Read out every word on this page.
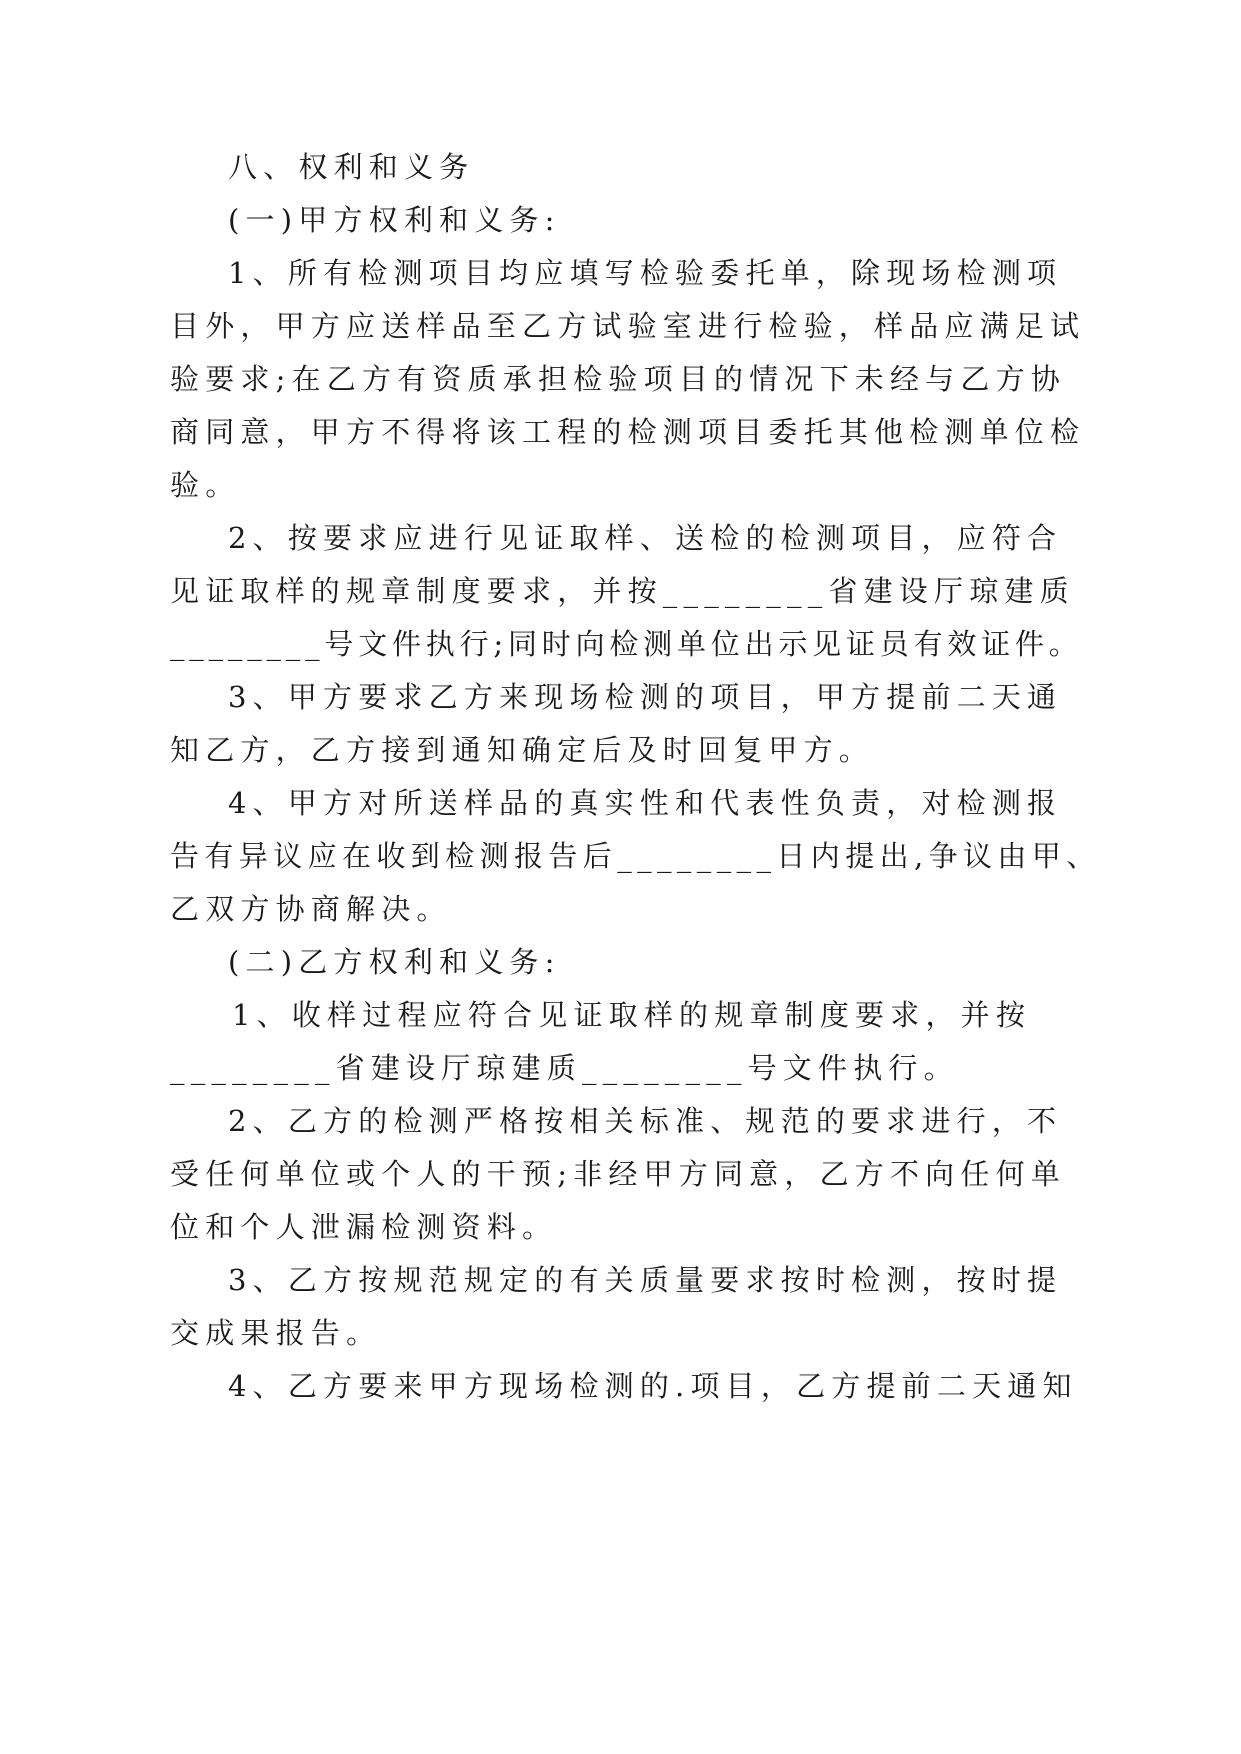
八、权利和义务
(一)甲方权利和义务:
1、所有检测项目均应填写检验委托单，除现场检测项
目外，甲方应送样品至乙方试验室进行检验，样品应满足试
验要求;在乙方有资质承担检验项目的情况下未经与乙方协
商同意，甲方不得将该工程的检测项目委托其他检测单位检
验。
2、按要求应进行见证取样、送检的检测项目，应符合
见证取样的规章制度要求，并按________省建设厅琼建质
________号文件执行;同时向检测单位出示见证员有效证件。
3、甲方要求乙方来现场检测的项目，甲方提前二天通
知乙方，乙方接到通知确定后及时回复甲方。
4、甲方对所送样品的真实性和代表性负责，对检测报
告有异议应在收到检测报告后________日内提出,争议由甲、
乙双方协商解决。
(二)乙方权利和义务:
1、收样过程应符合见证取样的规章制度要求，并按
________省建设厅琼建质________号文件执行。
2、乙方的检测严格按相关标准、规范的要求进行，不
受任何单位或个人的干预;非经甲方同意，乙方不向任何单
位和个人泄漏检测资料。
3、乙方按规范规定的有关质量要求按时检测，按时提
交成果报告。
4、乙方要来甲方现场检测的.项目，乙方提前二天通知
